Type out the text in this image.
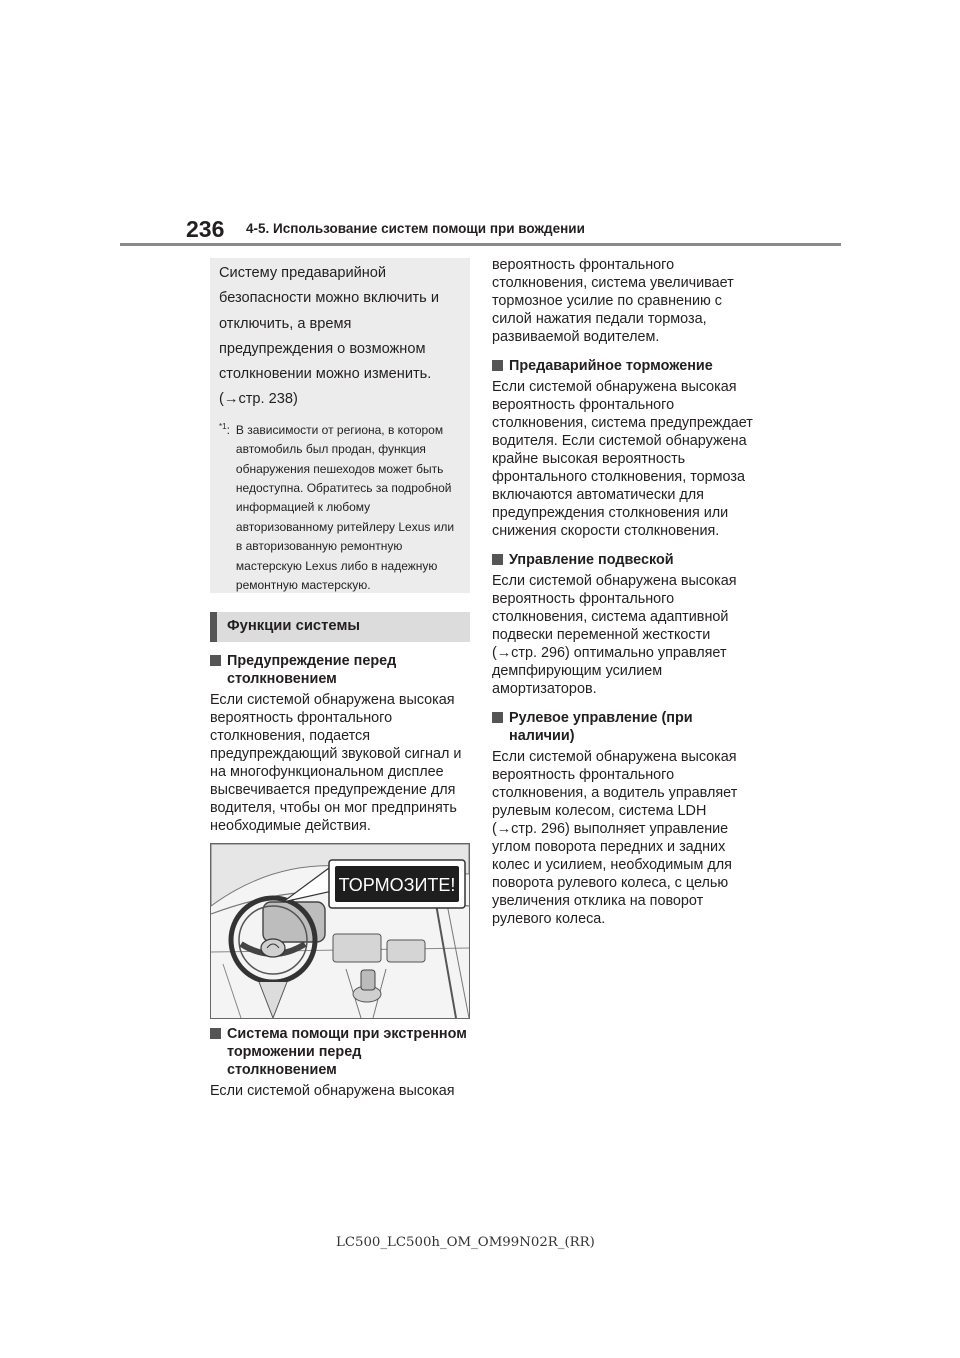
236 4-5. Использование систем помощи при вождении

Систему предаварийной безопасности можно включить и отключить, а время предупреждения о возможном столкновении можно изменить. (→стр. 238)

$^{*1}$: В зависимости от региона, в котором автомобиль был продан, функция обнаружения пешеходов может быть недоступна. Обратитесь за подробной информацией к любому авторизованному ритейлеру Lexus или в авторизованную ремонтную мастерскую Lexus либо в надежную ремонтную мастерскую.
Функции системы
Предупреждение перед столкновением

Если системой обнаружена высокая вероятность фронтального столкновения, подается предупреждающий звуковой сигнал и на многофункциональном дисплее высвечивается предупреждение для водителя, чтобы он мог предпринять необходимые действия.

ТОРМОЗИТЕ!
Система помощи при экстренном торможении перед столкновением

Если системой обнаружена высокая

вероятность фронтального столкновения, система увеличивает тормозное усилие по сравнению с силой нажатия педали тормоза, развиваемой водителем.

Предаварийное торможение

Если системой обнаружена высокая вероятность фронтального столкновения, система предупреждает водителя. Если системой обнаружена крайне высокая вероятность фронтального столкновения, тормоза включаются автоматически для предупреждения столкновения или снижения скорости столкновения.

Управление подвеской

Если системой обнаружена высокая вероятность фронтального столкновения, система адаптивной подвески переменной жесткости (→стр. 296) оптимально управляет демпфирующим усилием амортизаторов.

Рулевое управление (при наличии)

Если системой обнаружена высокая вероятность фронтального столкновения, а водитель управляет рулевым колесом, система LDH (→стр. 296) выполняет управление углом поворота передних и задних колес и усилием, необходимым для поворота рулевого колеса, с целью увеличения отклика на поворот рулевого колеса.

LC500_LC500h_OM_OM99N02R_(RR)
